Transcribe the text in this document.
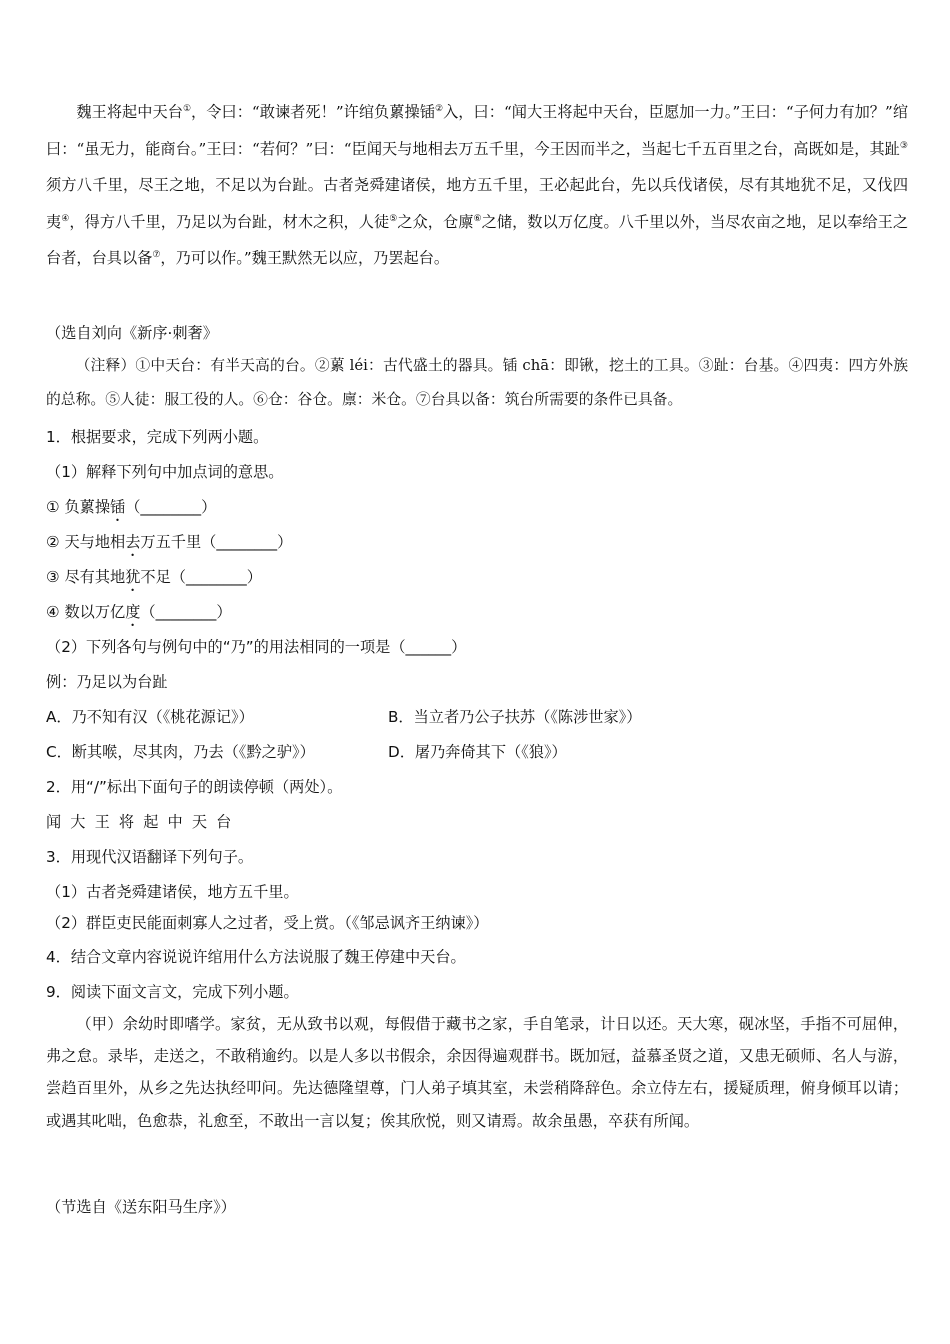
魏王将起中天台①，令曰：“敢谏者死！”许绾负蔂操锸②入，曰：“闻大王将起中天台，臣愿加一力。”王曰：“子何力有加？”绾曰：“虽无力，能商台。”王曰：“若何？”曰：“臣闻天与地相去万五千里，今王因而半之，当起七千五百里之台，高既如是，其趾③须方八千里，尽王之地，不足以为台趾。古者尧舜建诸侯，地方五千里，王必起此台，先以兵伐诸侯，尽有其地犹不足，又伐四夷④，得方八千里，乃足以为台趾，材木之积，人徒⑤之众，仓廪⑥之储，数以万亿度。八千里以外，当尽农亩之地，足以奉给王之台者，台具以备⑦，乃可以作。”魏王默然无以应，乃罢起台。

（选自刘向《新序·刺奢》

（注释）①中天台：有半天高的台。②蔂 léi：古代盛土的器具。锸 chā：即锹，挖土的工具。③趾：台基。④四夷：四方外族的总称。⑤人徒：服工役的人。⑥仓：谷仓。廪：米仓。⑦台具以备：筑台所需要的条件已具备。

1．根据要求，完成下列两小题。

（1）解释下列句中加点词的意思。

① 负蔂操锸（________）

② 天与地相去万五千里（________）

③ 尽有其地犹不足（________）

④ 数以万亿度（________）

（2）下列各句与例句中的“乃”的用法相同的一项是（______）

例：乃足以为台趾

A．乃不知有汉（《桃花源记》）	B．当立者乃公子扶苏（《陈涉世家》）

C．断其喉，尽其肉，乃去（《黔之驴》）	D．屠乃奔倚其下（《狼》）

2．用“/”标出下面句子的朗读停顿（两处）。

闻大王将起中天台

3．用现代汉语翻译下列句子。

（1）古者尧舜建诸侯，地方五千里。

（2）群臣吏民能面刺寡人之过者，受上赏。（《邹忌讽齐王纳谏》）

4．结合文章内容说说许绾用什么方法说服了魏王停建中天台。

9．阅读下面文言文，完成下列小题。

（甲）余幼时即嗜学。家贫，无从致书以观，每假借于藏书之家，手自笔录，计日以还。天大寒，砚冰坚，手指不可屈伸，弗之怠。录毕，走送之，不敢稍逾约。以是人多以书假余，余因得遍观群书。既加冠，益慕圣贤之道，又患无硕师、名人与游，尝趋百里外，从乡之先达执经叩问。先达德隆望尊，门人弟子填其室，未尝稍降辞色。余立侍左右，援疑质理，俯身倾耳以请；或遇其叱咄，色愈恭，礼愈至，不敢出一言以复；俟其欣悦，则又请焉。故余虽愚，卒获有所闻。

（节选自《送东阳马生序》）
